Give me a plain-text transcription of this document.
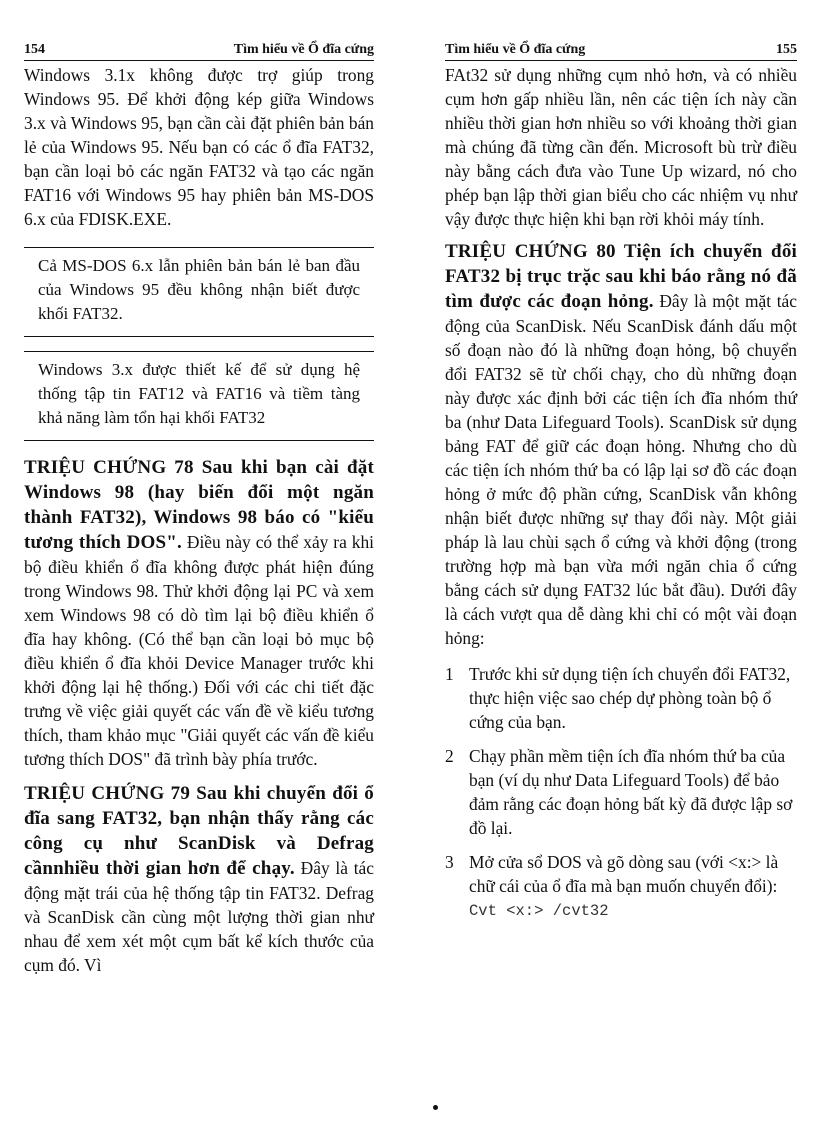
154	Tìm hiểu về Ổ đĩa cứng

Windows 3.1x không được trợ giúp trong Windows 95. Để khởi động kép giữa Windows 3.x và Windows 95, bạn cần cài đặt phiên bản bán lẻ của Windows 95. Nếu bạn có các ổ đĩa FAT32, bạn cần loại bỏ các ngăn FAT32 và tạo các ngăn FAT16 với Windows 95 hay phiên bản MS-DOS 6.x của FDISK.EXE.

Cả MS-DOS 6.x lẫn phiên bản bán lẻ ban đầu của Windows 95 đều không nhận biết được khối FAT32.

Windows 3.x được thiết kế để sử dụng hệ thống tập tin FAT12 và FAT16 và tiềm tàng khả năng làm tổn hại khối FAT32

TRIỆU CHỨNG 78 Sau khi bạn cài đặt Windows 98 (hay biến đổi một ngăn thành FAT32), Windows 98 báo có "kiểu tương thích DOS". Điều này có thể xảy ra khi bộ điều khiển ổ đĩa không được phát hiện đúng trong Windows 98. Thử khởi động lại PC và xem xem Windows 98 có dò tìm lại bộ điều khiển ổ đĩa hay không. (Có thể bạn cần loại bỏ mục bộ điều khiển ổ đĩa khỏi Device Manager trước khi khởi động lại hệ thống.) Đối với các chi tiết đặc trưng về việc giải quyết các vấn đề về kiểu tương thích, tham khảo mục "Giải quyết các vấn đề kiểu tương thích DOS" đã trình bày phía trước.

TRIỆU CHỨNG 79 Sau khi chuyển đổi ổ đĩa sang FAT32, bạn nhận thấy rằng các công cụ như ScanDisk và Defrag cầnnhiều thời gian hơn để chạy. Đây là tác động mặt trái của hệ thống tập tin FAT32. Defrag và ScanDisk cần cùng một lượng thời gian như nhau để xem xét một cụm bất kể kích thước của cụm đó. Vì

Tìm hiểu về Ổ đĩa cứng	155

FAt32 sử dụng những cụm nhỏ hơn, và có nhiều cụm hơn gấp nhiều lần, nên các tiện ích này cần nhiều thời gian hơn nhiều so với khoảng thời gian mà chúng đã từng cần đến. Microsoft bù trừ điều này bằng cách đưa vào Tune Up wizard, nó cho phép bạn lập thời gian biểu cho các nhiệm vụ như vậy được thực hiện khi bạn rời khỏi máy tính.

TRIỆU CHỨNG 80 Tiện ích chuyển đổi FAT32 bị trục trặc sau khi báo rằng nó đã tìm được các đoạn hỏng. Đây là một mặt tác động của ScanDisk. Nếu ScanDisk đánh dấu một số đoạn nào đó là những đoạn hỏng, bộ chuyển đổi FAT32 sẽ từ chối chạy, cho dù những đoạn này được xác định bởi các tiện ích đĩa nhóm thứ ba (như Data Lifeguard Tools). ScanDisk sử dụng bảng FAT để giữ các đoạn hỏng. Nhưng cho dù các tiện ích nhóm thứ ba có lập lại sơ đồ các đoạn hỏng ở mức độ phần cứng, ScanDisk vẫn không nhận biết được những sự thay đổi này. Một giải pháp là lau chùi sạch ổ cứng và khởi động (trong trường hợp mà bạn vừa mới ngăn chia ổ cứng bằng cách sử dụng FAT32 lúc bắt đầu). Dưới đây là cách vượt qua dễ dàng khi chỉ có một vài đoạn hỏng:

1 Trước khi sử dụng tiện ích chuyển đổi FAT32, thực hiện việc sao chép dự phòng toàn bộ ổ cứng của bạn.
2 Chạy phần mềm tiện ích đĩa nhóm thứ ba của bạn (ví dụ như Data Lifeguard Tools) để bảo đảm rằng các đoạn hỏng bất kỳ đã được lập sơ đồ lại.
3 Mở cửa sổ DOS và gõ dòng sau (với <x:> là chữ cái của ổ đĩa mà bạn muốn chuyển đổi):
Cvt <x:> /cvt32
